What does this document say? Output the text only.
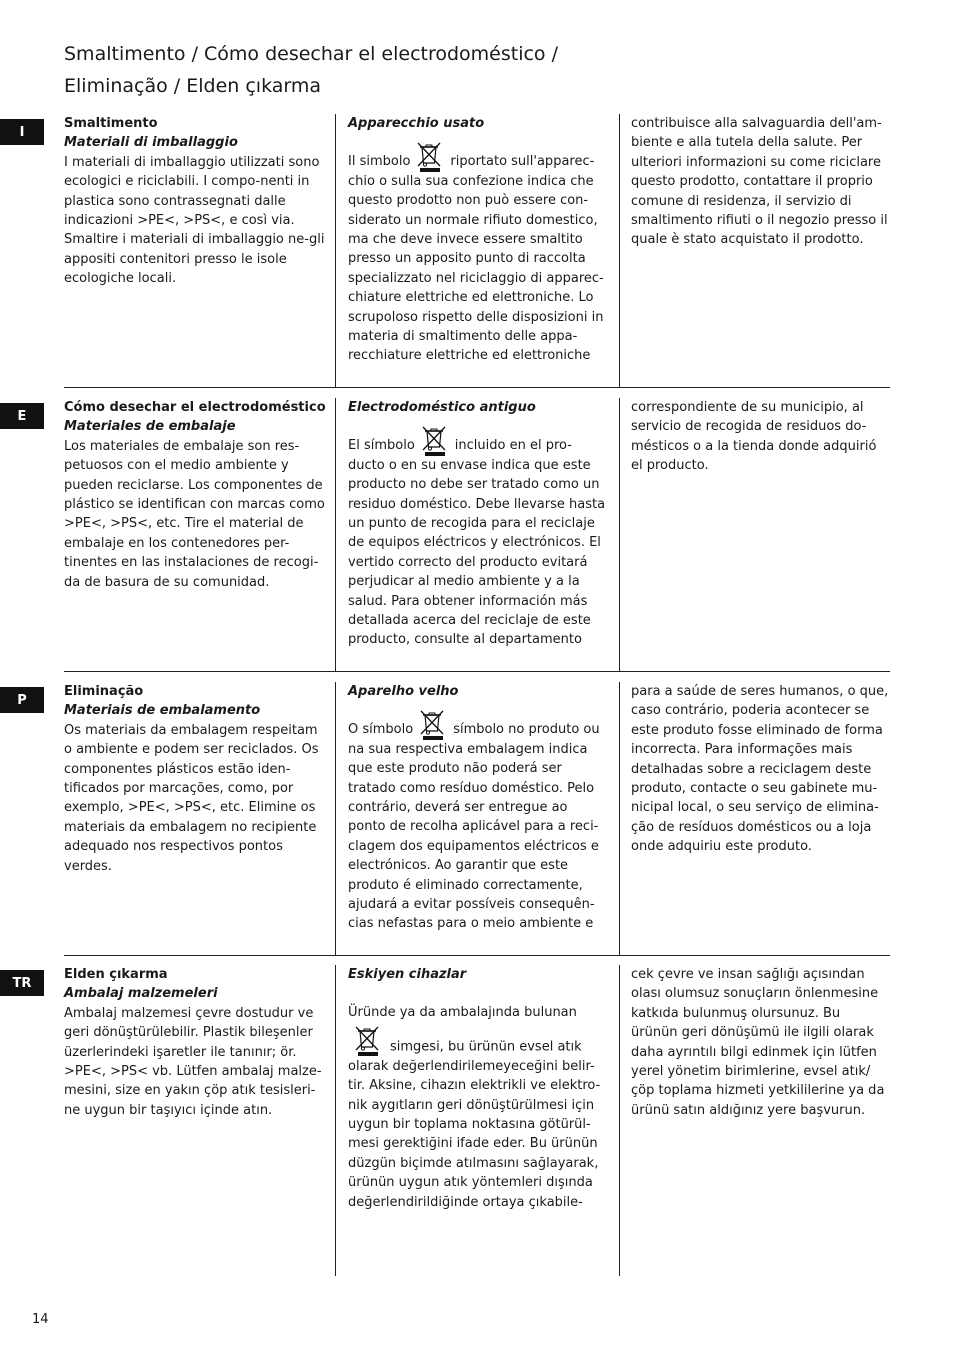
Smaltimento / Cómo desechar el electrodoméstico /
Eliminação / Elden çıkarma
I
E
P
TR

Smaltimento

Materiali di imballaggio

I materiali di imballaggio utilizzati sono ecologici e riciclabili. I compo-nenti in plastica sono contrassegnati dalle indicazioni >PE<, >PS<, e così via. Smaltire i materiali di imballaggio ne-gli appositi contenitori presso le isole ecologiche locali.

Apparecchio usato

Il simbolo	riportato sull'apparec-chio o sulla sua confezione indica che questo prodotto non può essere con-siderato un normale rifiuto domestico, ma che deve invece essere smaltito presso un apposito punto di raccolta specializzato nel riciclaggio di apparec-chiature elettriche ed elettroniche. Lo scrupoloso rispetto delle disposizioni in materia di smaltimento delle appa-recchiature elettriche ed elettroniche

contribuisce alla salvaguardia dell'am-biente e alla tutela della salute. Per ulteriori informazioni su come riciclare questo prodotto, contattare il proprio comune di residenza, il servizio di smaltimento rifiuti o il negozio presso il quale è stato acquistato il prodotto.

Cómo desechar el electrodoméstico

Materiales de embalaje

Los materiales de embalaje son res-petuosos con el medio ambiente y pueden reciclarse. Los componentes de plástico se identifican con marcas como >PE<, >PS<, etc. Tire el material de embalaje en los contenedores per-tinentes en las instalaciones de recogi-da de basura de su comunidad.

Electrodoméstico antiguo

El símbolo	incluido en el pro-ducto o en su envase indica que este producto no debe ser tratado como un residuo doméstico. Debe llevarse hasta un punto de recogida para el reciclaje de equipos eléctricos y electrónicos. El vertido correcto del producto evitará perjudicar al medio ambiente y a la salud. Para obtener información más detallada acerca del reciclaje de este producto, consulte al departamento

correspondiente de su municipio, al servicio de recogida de residuos do-mésticos o a la tienda donde adquirió el producto.

Eliminação

Materiais de embalamento

Os materiais da embalagem respeitam o ambiente e podem ser reciclados. Os componentes plásticos estão iden-tificados por marcações, como, por exemplo, >PE<, >PS<, etc. Elimine os materiais da embalagem no recipiente adequado nos respectivos pontos verdes.

Aparelho velho

O símbolo	símbolo no produto ou na sua respectiva embalagem indica que este produto não poderá ser tratado como resíduo doméstico. Pelo contrário, deverá ser entregue ao ponto de recolha aplicável para a reci-clagem dos equipamentos eléctricos e electrónicos. Ao garantir que este produto é eliminado correctamente, ajudará a evitar possíveis consequên-cias nefastas para o meio ambiente e

para a saúde de seres humanos, o que, caso contrário, poderia acontecer se este produto fosse eliminado de forma incorrecta. Para informações mais detalhadas sobre a reciclagem deste produto, contacte o seu gabinete mu-nicipal local, o seu serviço de elimina-ção de resíduos domésticos ou a loja onde adquiriu este produto.

Elden çıkarma

Ambalaj malzemeleri

Ambalaj malzemesi çevre dostudur ve geri dönüştürülebilir. Plastik bileşenler üzerlerindeki işaretler ile tanınır; ör. >PE<, >PS< vb. Lütfen ambalaj malze-mesini, size en yakın çöp atık tesisleri-ne uygun bir taşıyıcı içinde atın.

Eskiyen cihazlar

Üründe ya da ambalajında bulunan

simgesi, bu ürünün evsel atık olarak değerlendirilemeyeceğini belir-tir. Aksine, cihazın elektrikli ve elektro-nik aygıtların geri dönüştürülmesi için uygun bir toplama noktasına götürül-mesi gerektiğini ifade eder. Bu ürünün düzgün biçimde atılmasını sağlayarak, ürünün uygun atık yöntemleri dışında değerlendirildiğinde ortaya çıkabile-

cek çevre ve insan sağlığı açısından olası olumsuz sonuçların önlenmesine katkıda bulunmuş olursunuz. Bu ürünün geri dönüşümü ile ilgili olarak daha ayrıntılı bilgi edinmek için lütfen yerel yönetim birimlerine, evsel atık/ çöp toplama hizmeti yetkililerine ya da ürünü satın aldığınız yere başvurun.

14
